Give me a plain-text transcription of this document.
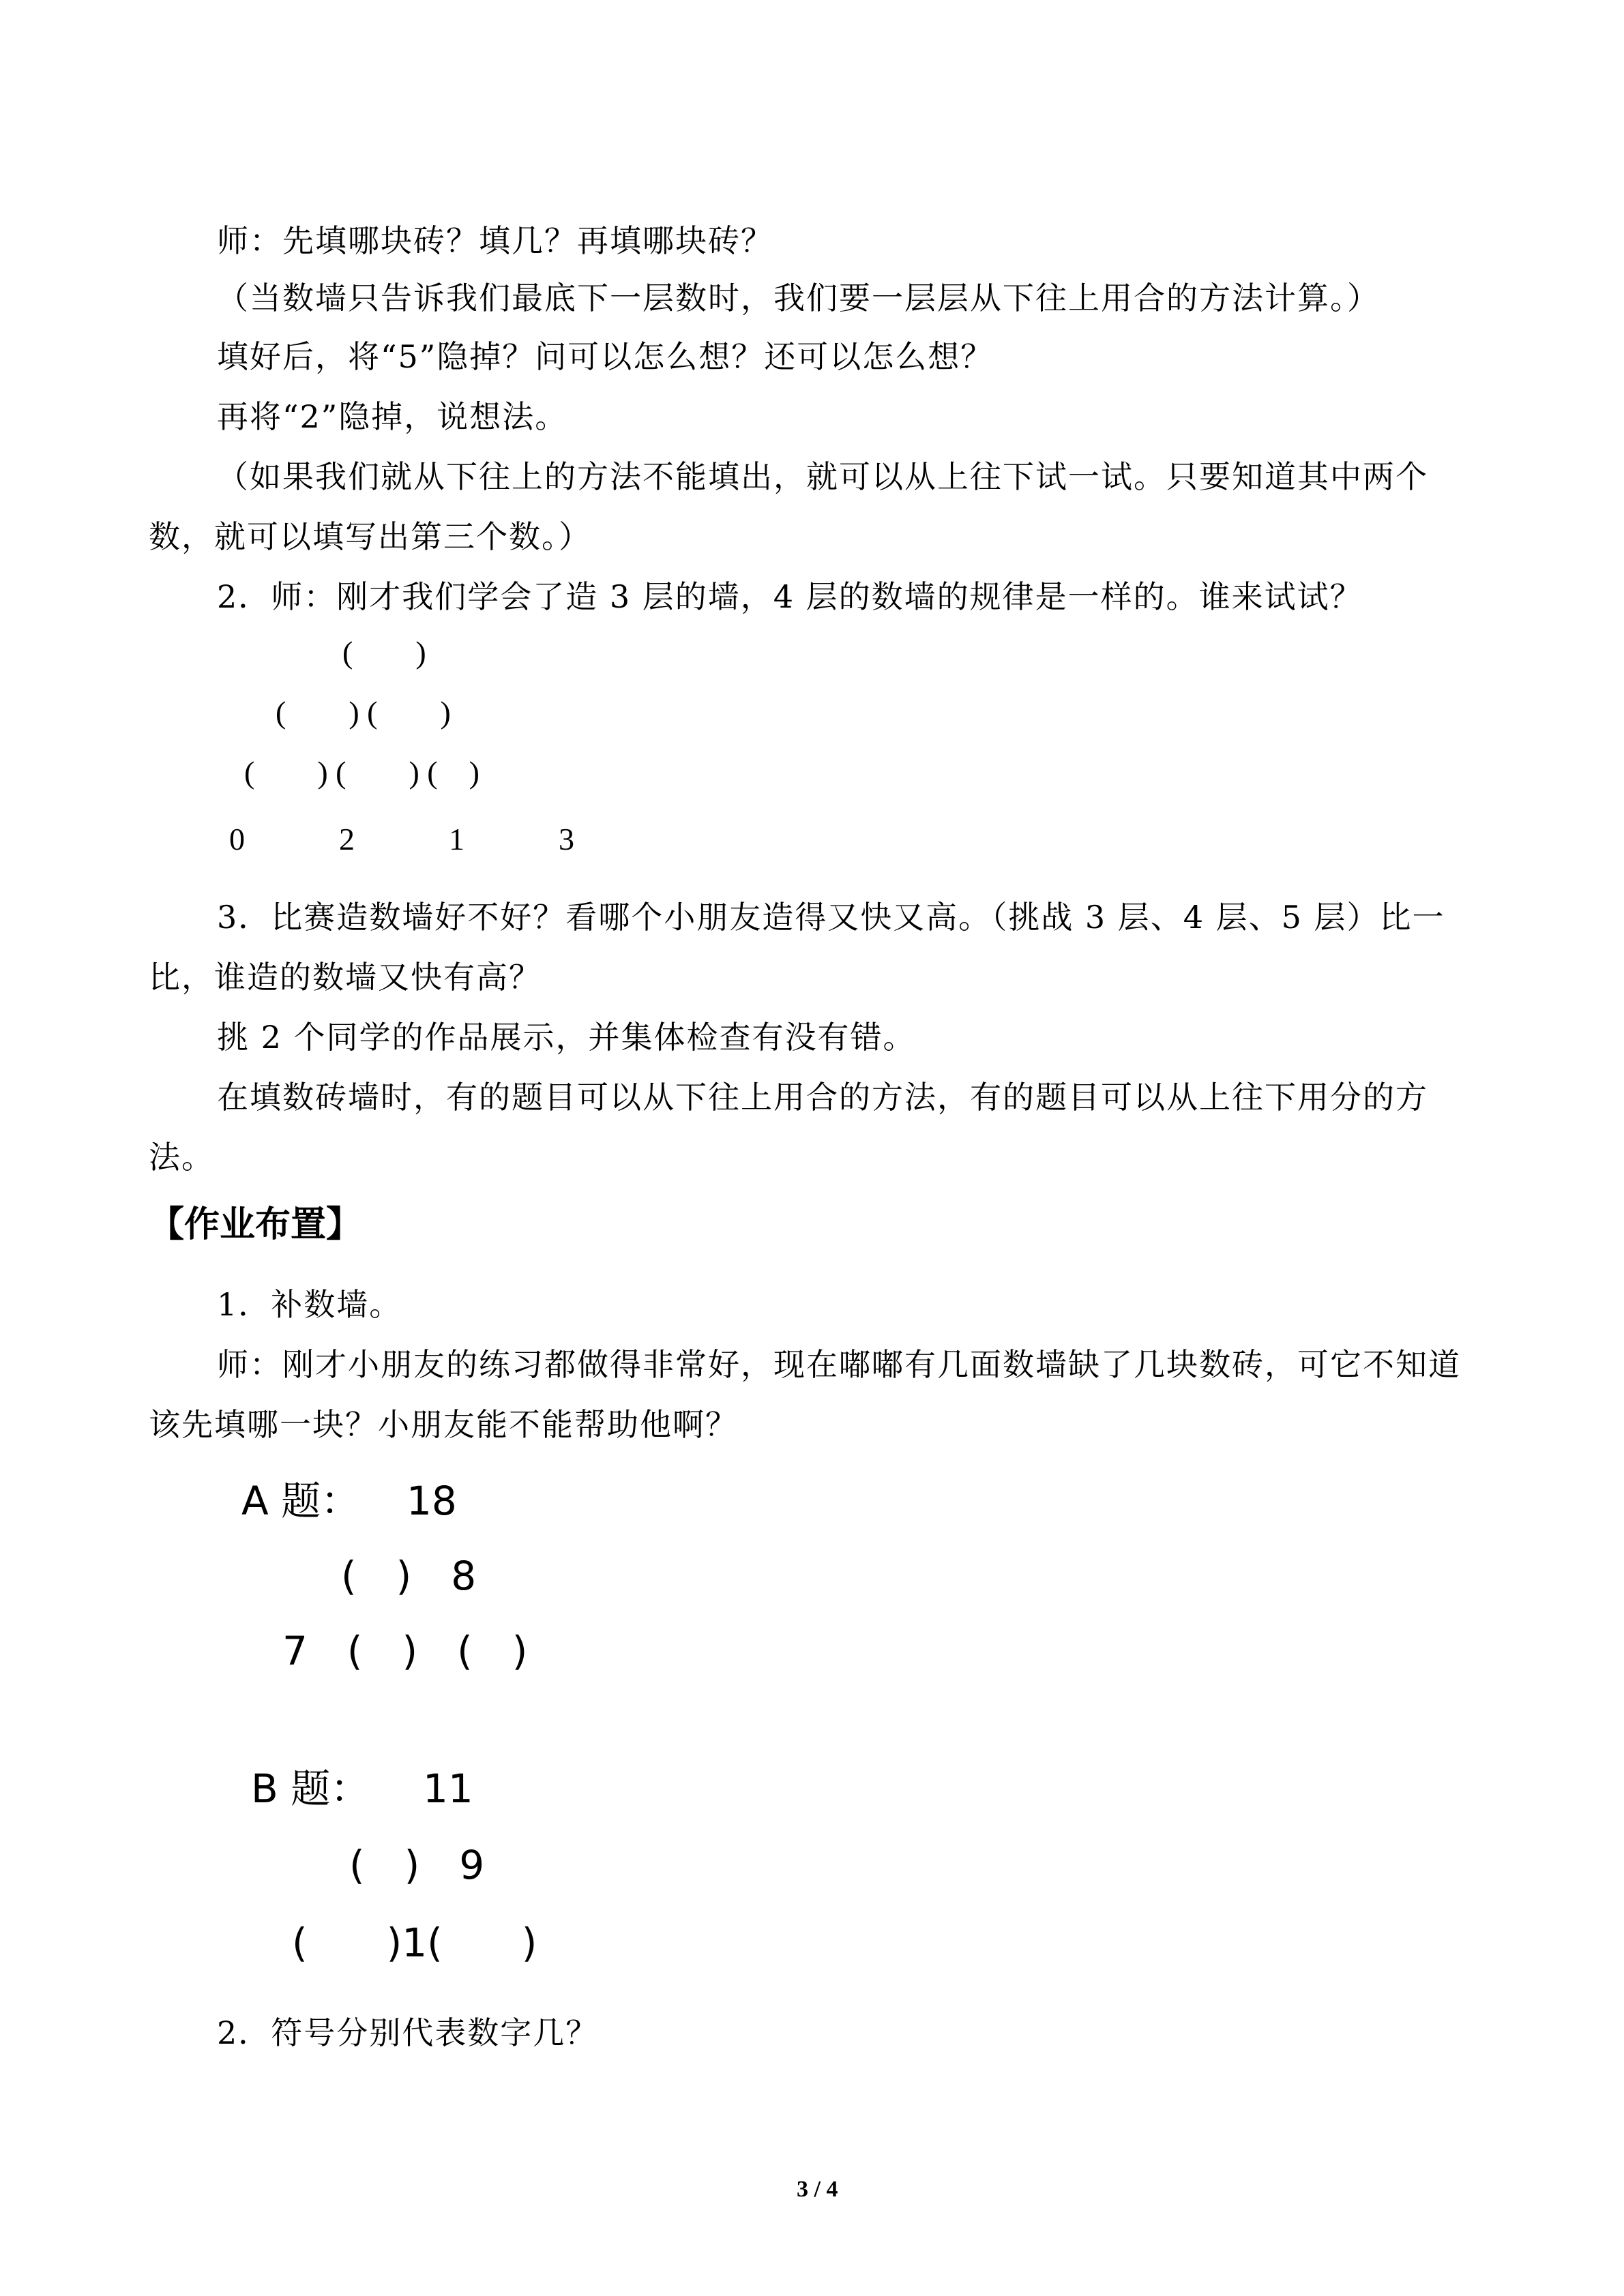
师：先填哪块砖？填几？再填哪块砖？
（当数墙只告诉我们最底下一层数时，我们要一层层从下往上用合的方法计算。）
填好后，将“5”隐掉？问可以怎么想？还可以怎么想？
再将“2”隐掉，说想法。
（如果我们就从下往上的方法不能填出，就可以从上往下试一试。只要知道其中两个
数，就可以填写出第三个数。）
2．师：刚才我们学会了造 3 层的墙，4 层的数墙的规律是一样的。谁来试试？
(　　)
(　　) (　　)
(　　) (　　) (　)
0　　　2　　　1　　　3
3．比赛造数墙好不好？看哪个小朋友造得又快又高。（挑战 3 层、4 层、5 层）比一
比，谁造的数墙又快有高？
挑 2 个同学的作品展示，并集体检查有没有错。
在填数砖墙时，有的题目可以从下往上用合的方法，有的题目可以从上往下用分的方
法。
【作业布置】
1．补数墙。
师：刚才小朋友的练习都做得非常好，现在嘟嘟有几面数墙缺了几块数砖，可它不知道
该先填哪一块？小朋友能不能帮助他啊？
A 题： 18
(　)　8
7　(　)　(　)
B 题： 11
(　)　9
(　　)1(　　)
2．符号分别代表数字几？
3 / 4
